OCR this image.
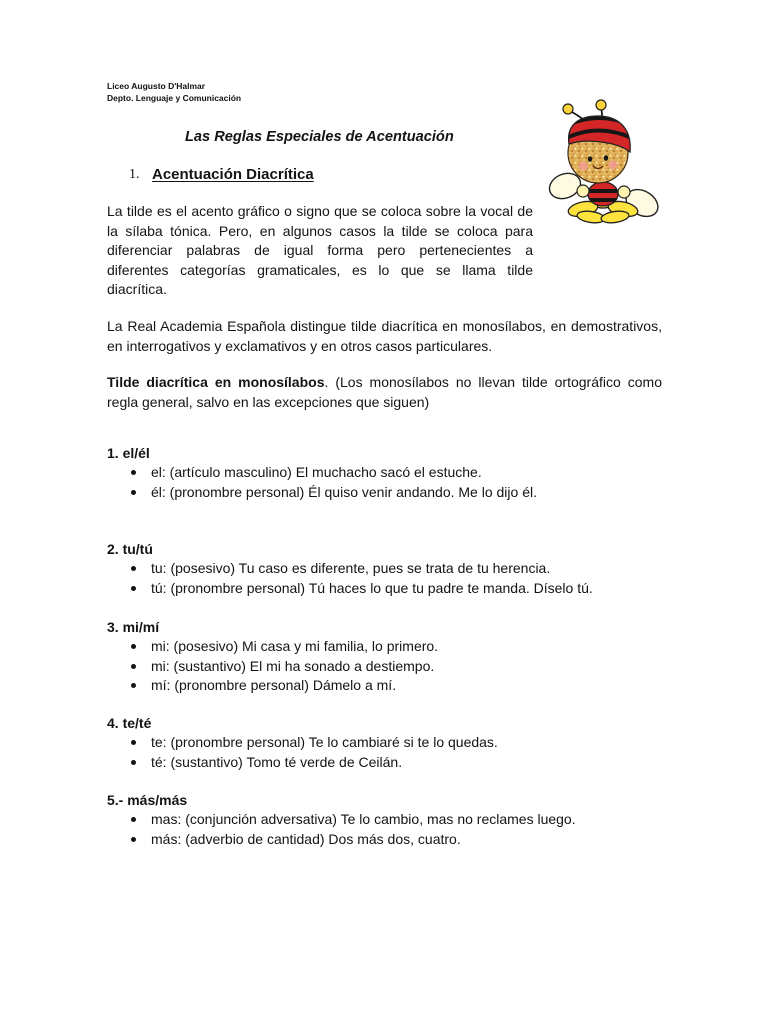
Liceo Augusto D'Halmar
Depto. Lenguaje y Comunicación
Las Reglas Especiales de Acentuación
1. Acentuación Diacrítica
La tilde es el acento gráfico o signo que se coloca sobre la vocal de
la sílaba tónica. Pero, en algunos casos la tilde se coloca para
diferenciar palabras de igual forma pero pertenecientes a
diferentes categorías gramaticales, es lo que se llama tilde
diacrítica.
La Real Academia Española distingue tilde diacrítica en monosílabos, en demostrativos,
en interrogativos y exclamativos y en otros casos particulares.
Tilde diacrítica en monosílabos. (Los monosílabos no llevan tilde ortográfico como
regla general, salvo en las excepciones que siguen)
1. el/él
el: (artículo masculino) El muchacho sacó el estuche.
él: (pronombre personal) Él quiso venir andando. Me lo dijo él.
2. tu/tú
tu: (posesivo) Tu caso es diferente, pues se trata de tu herencia.
tú: (pronombre personal) Tú haces lo que tu padre te manda. Díselo tú.
3. mi/mí
mi: (posesivo) Mi casa y mi familia, lo primero.
mi: (sustantivo) El mi ha sonado a destiempo.
mí: (pronombre personal) Dámelo a mí.
4. te/té
te: (pronombre personal) Te lo cambiaré si te lo quedas.
té: (sustantivo) Tomo té verde de Ceilán.
5.- más/más
mas: (conjunción adversativa) Te lo cambio, mas no reclames luego.
más: (adverbio de cantidad) Dos más dos, cuatro.
